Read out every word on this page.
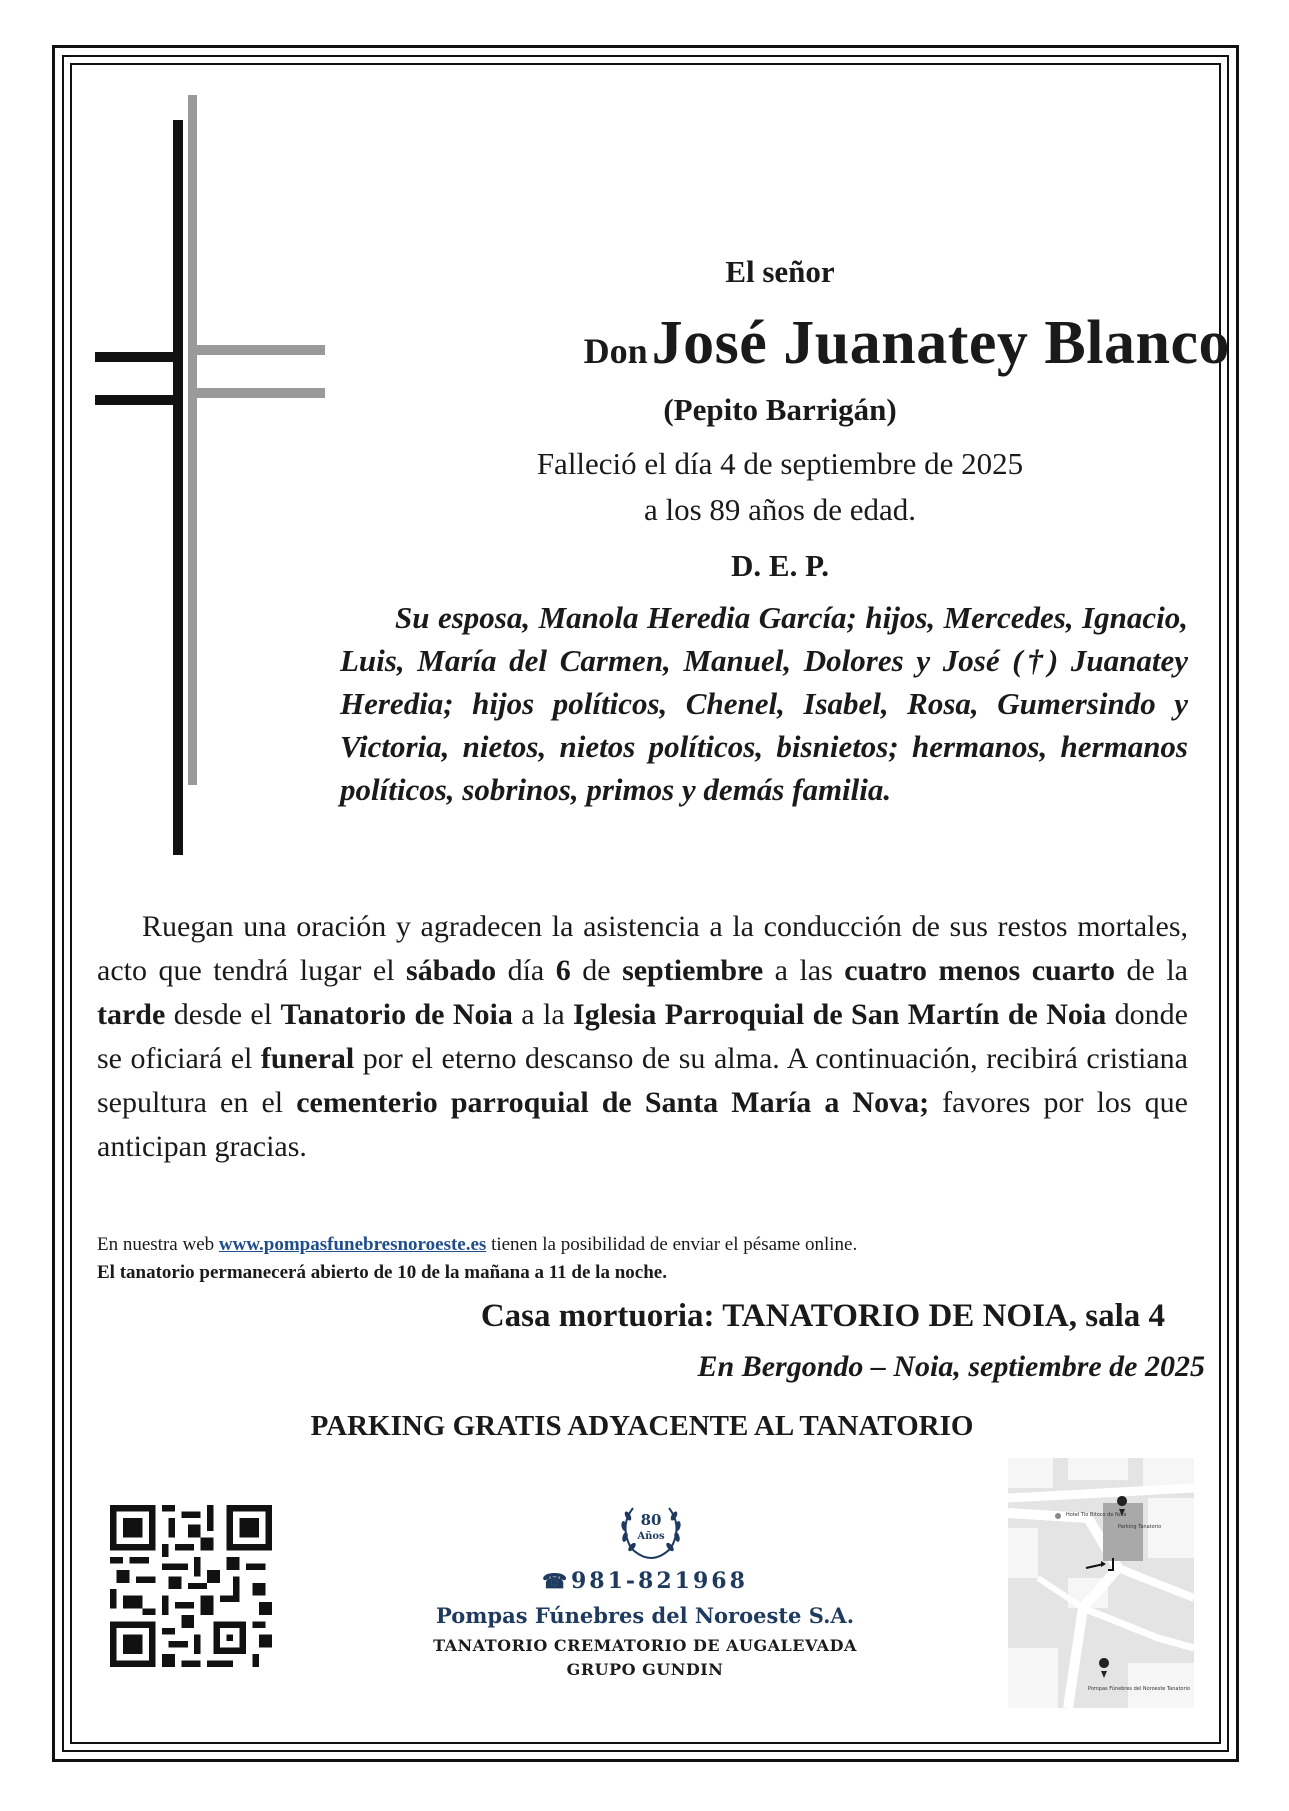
El señor
Don José Juanatey Blanco
(Pepito Barrigán)
Falleció el día 4 de septiembre de 2025
a los 89 años de edad.
D. E. P.

Su esposa, Manola Heredia García; hijos, Mercedes, Ignacio, Luis, María del Carmen, Manuel, Dolores y José (†) Juanatey Heredia; hijos políticos, Chenel, Isabel, Rosa, Gumersindo y Victoria, nietos, nietos políticos, bisnietos; hermanos, hermanos políticos, sobrinos, primos y demás familia.

Ruegan una oración y agradecen la asistencia a la conducción de sus restos mortales, acto que tendrá lugar el sábado día 6 de septiembre a las cuatro menos cuarto de la tarde desde el Tanatorio de Noia a la Iglesia Parroquial de San Martín de Noia donde se oficiará el funeral por el eterno descanso de su alma. A continuación, recibirá cristiana sepultura en el cementerio parroquial de Santa María a Nova; favores por los que anticipan gracias.

En nuestra web www.pompasfunebresnoroeste.es tienen la posibilidad de enviar el pésame online.
El tanatorio permanecerá abierto de 10 de la mañana a 11 de la noche.
Casa mortuoria: TANATORIO DE NOIA, sala 4
En Bergondo – Noia, septiembre de 2025
PARKING GRATIS ADYACENTE AL TANATORIO
80
Años
☎ 981-821968
Pompas Fúnebres del Noroeste S.A.
TANATORIO CREMATORIO DE AUGALEVADA
GRUPO GUNDIN
Hotel Tío Bitoco de Noia
Parking Tanatorio
Pompas Fúnebres del Noroeste Tanatorio
